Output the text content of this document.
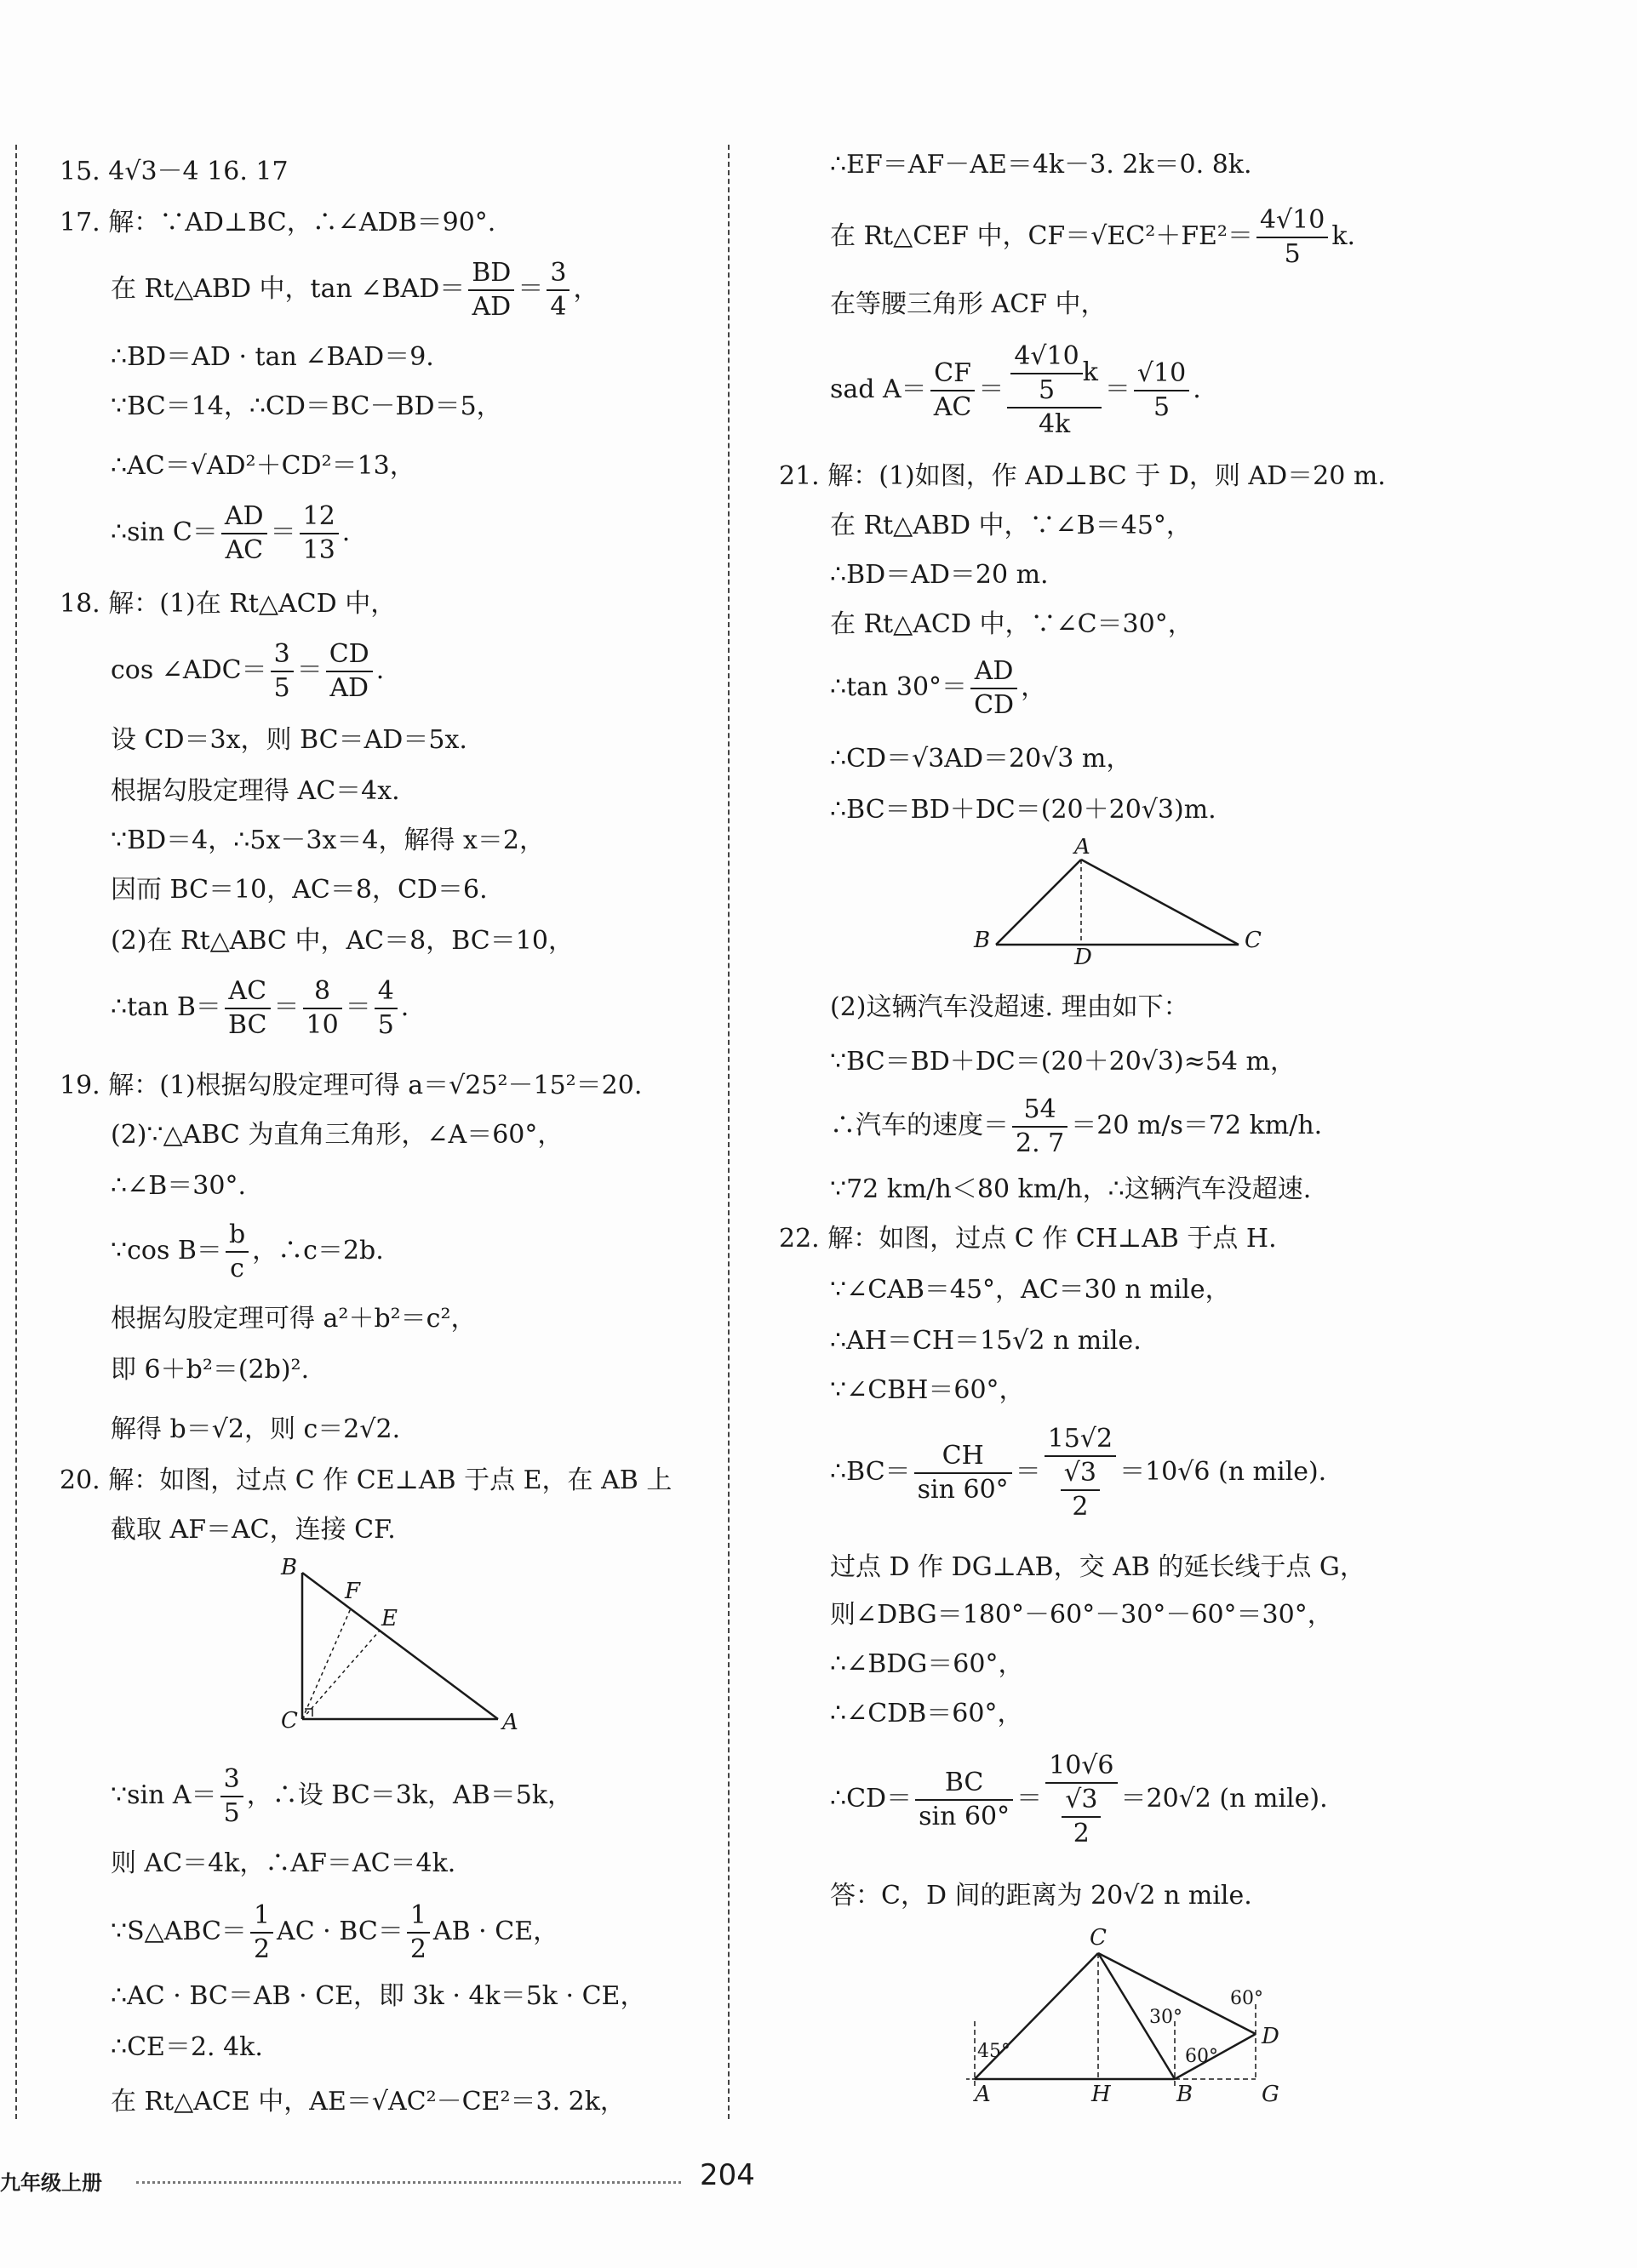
15. 4√3－4 16. 17
17. 解：∵AD⊥BC，∴∠ADB＝90°.
在 Rt△ABD 中，tan ∠BAD＝ $\frac{BD}{AD} = \frac{3}{4}$ ，
∴BD＝AD · tan ∠BAD＝9.
∵BC＝14，∴CD＝BC－BD＝5，
∴AC＝√AD²＋CD²＝13，
∴sin $C= \frac{AD}{AC} = \frac{12}{13}$ .
18. 解：(1)在 Rt△ACD 中，
cos ∠ADC＝ $\frac{3}{5} = \frac{CD}{AD}$ .
设 CD＝3x，则 BC＝AD＝5x.
根据勾股定理得 AC＝4x.
∵BD＝4，∴5x－3x＝4，解得 x＝2，
因而 BC＝10，AC＝8，CD＝6.
(2)在 Rt△ABC 中，AC＝8，BC＝10，
∴tan $B= \frac{AC}{BC} = \frac{8}{10} = \frac{4}{5}$ .
19. 解：(1)根据勾股定理可得 a＝√25²－15²＝20.
(2)∵△ABC 为直角三角形，∠A＝60°，
∴∠B＝30°.
∵cos $B= \frac{b}{c}$ ，∴c＝2b.
根据勾股定理可得 a²＋b²＝c²，
即 6＋b²＝(2b)².
解得 b＝√2，则 c＝2√2.
20. 解：如图，过点 C 作 CE⊥AB 于点 E，在 AB 上
截取 AF＝AC，连接 CF.
B
F
E
C	A
∵sin $A= \frac{3}{5}$ ，∴设 BC＝3k，AB＝5k，
则 AC＝4k，∴AF＝AC＝4k.
∵S△ABC＝ $\frac{1}{2}$ AC · $BC= \frac{1}{2}$ AB · CE，
∴AC · BC＝AB · CE，即 3k · 4k＝5k · CE，
∴CE＝2. 4k.
在 Rt△ACE 中，AE＝√AC²－CE²＝3. 2k，
∴EF＝AF－AE＝4k－3. 2k＝0. 8k.
在 Rt△CEF 中，$CF=√EC^2+FE^2= \frac{4√10}{5} k$.
在等腰三角形 ACF 中，
sad $A= \frac{CF}{AC} = \frac{\frac{4√10}{5} k}{4k} = \frac{√10}{5}$ .
21. 解：(1)如图，作 AD⊥BC 于 D，则 AD＝20 m.
在 Rt△ABD 中，∵∠B＝45°，
∴BD＝AD＝20 m.
在 Rt△ACD 中，∵∠C＝30°，
∴tan $30^\circ= \frac{AD}{CD}$ ，
∴CD＝√3AD＝20√3 m，
∴BC＝BD＋DC＝(20＋20√3)m.
A
B
D
C
(2)这辆汽车没超速. 理由如下：
∵BC＝BD＋DC＝(20＋20√3)≈54 m，
∴汽车的速度＝ $\frac{54}{2. 7} =20$ m/s＝72 km/h.
∵72 km/h＜80 km/h，∴这辆汽车没超速.
22. 解：如图，过点 C 作 CH⊥AB 于点 H.
∵∠CAB＝45°，AC＝30 n mile，
∴AH＝CH＝15√2 n mile.
∵∠CBH＝60°，
∴BC＝ $\frac{CH}{\sin 60^\circ} = \frac{15√2}{\frac{√3}{2}} =10√6$ (n mile).
过点 D 作 DG⊥AB，交 AB 的延长线于点 G，
则∠DBG＝180°－60°－30°－60°＝30°，
∴∠BDG＝60°，
∴∠CDB＝60°，
∴CD＝ $\frac{BC}{\sin 60^\circ} = \frac{10√6}{\frac{√3}{2}} =20√2$ (n mile).
答：C，D 间的距离为 20√2 n mile.
C
A	H	B	G
D
45°
30°
60°
60°
九年级上册	204
